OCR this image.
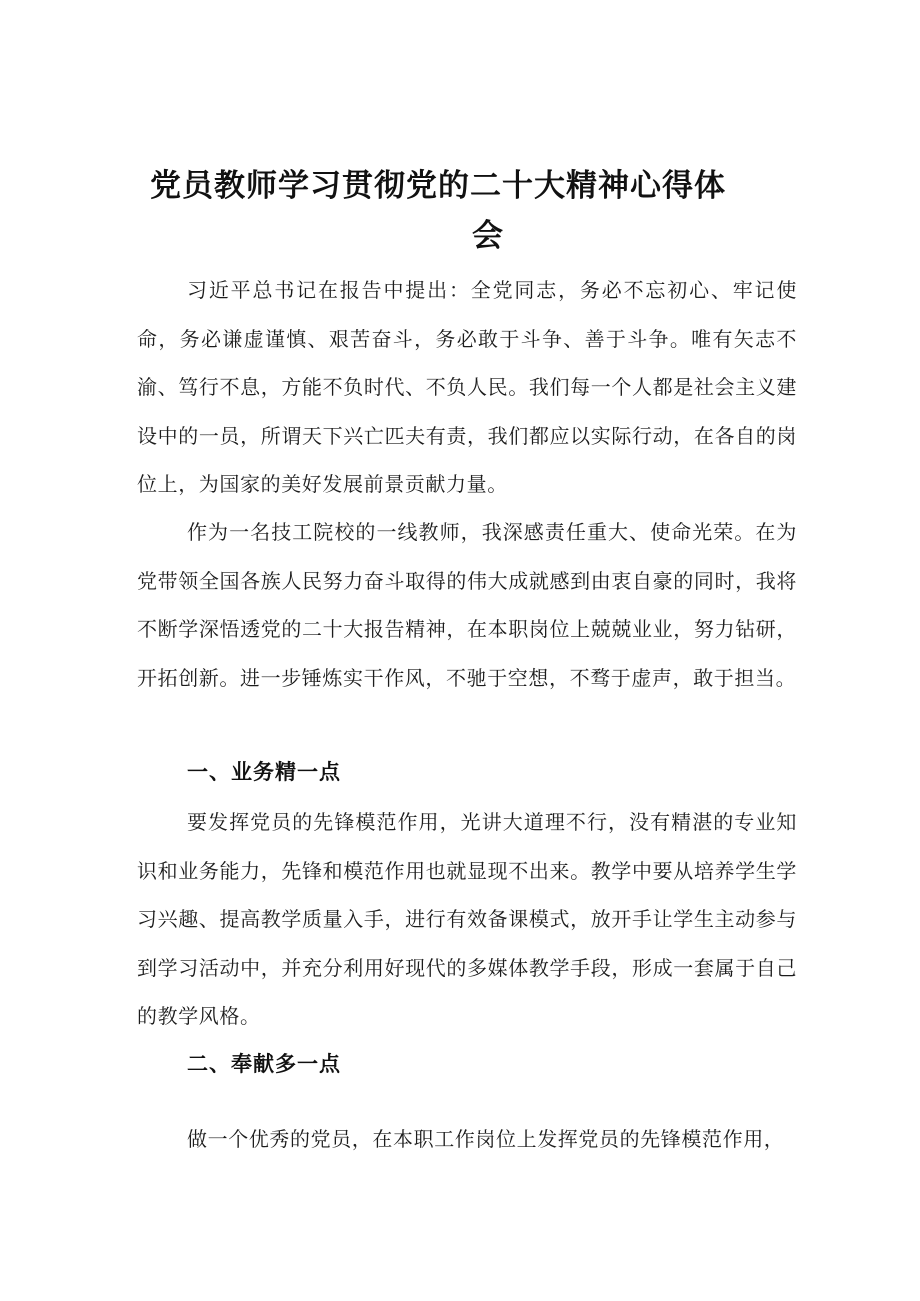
党员教师学习贯彻党的二十大精神心得体
会

习近平总书记在报告中提出：全党同志，务必不忘初心、牢记使命，务必谦虚谨慎、艰苦奋斗，务必敢于斗争、善于斗争。唯有矢志不渝、笃行不息，方能不负时代、不负人民。我们每一个人都是社会主义建设中的一员，所谓天下兴亡匹夫有责，我们都应以实际行动，在各自的岗位上，为国家的美好发展前景贡献力量。

作为一名技工院校的一线教师，我深感责任重大、使命光荣。在为党带领全国各族人民努力奋斗取得的伟大成就感到由衷自豪的同时，我将不断学深悟透党的二十大报告精神，在本职岗位上兢兢业业，努力钻研，开拓创新。进一步锤炼实干作风，不驰于空想，不骛于虚声，敢于担当。

一、业务精一点

要发挥党员的先锋模范作用，光讲大道理不行，没有精湛的专业知识和业务能力，先锋和模范作用也就显现不出来。教学中要从培养学生学习兴趣、提高教学质量入手，进行有效备课模式，放开手让学生主动参与到学习活动中，并充分利用好现代的多媒体教学手段，形成一套属于自己的教学风格。

二、奉献多一点

做一个优秀的党员，在本职工作岗位上发挥党员的先锋模范作用，
